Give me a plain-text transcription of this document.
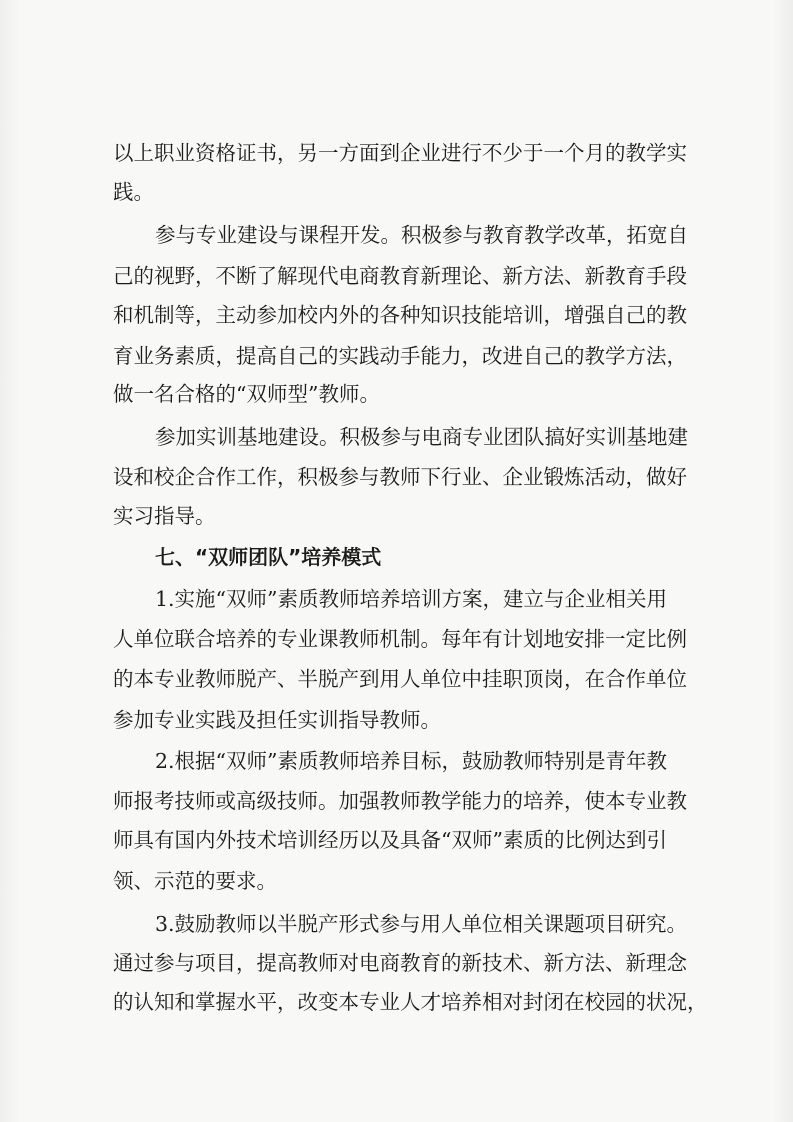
以上职业资格证书，另一方面到企业进行不少于一个月的教学实
践。
参与专业建设与课程开发。积极参与教育教学改革，拓宽自
己的视野，不断了解现代电商教育新理论、新方法、新教育手段
和机制等，主动参加校内外的各种知识技能培训，增强自己的教
育业务素质，提高自己的实践动手能力，改进自己的教学方法，
做一名合格的“双师型”教师。
参加实训基地建设。积极参与电商专业团队搞好实训基地建
设和校企合作工作，积极参与教师下行业、企业锻炼活动，做好
实习指导。
七、“双师团队”培养模式
1.实施“双师”素质教师培养培训方案，建立与企业相关用
人单位联合培养的专业课教师机制。每年有计划地安排一定比例
的本专业教师脱产、半脱产到用人单位中挂职顶岗，在合作单位
参加专业实践及担任实训指导教师。
2.根据“双师”素质教师培养目标，鼓励教师特别是青年教
师报考技师或高级技师。加强教师教学能力的培养，使本专业教
师具有国内外技术培训经历以及具备“双师”素质的比例达到引
领、示范的要求。
3.鼓励教师以半脱产形式参与用人单位相关课题项目研究。
通过参与项目，提高教师对电商教育的新技术、新方法、新理念
的认知和掌握水平，改变本专业人才培养相对封闭在校园的状况，
